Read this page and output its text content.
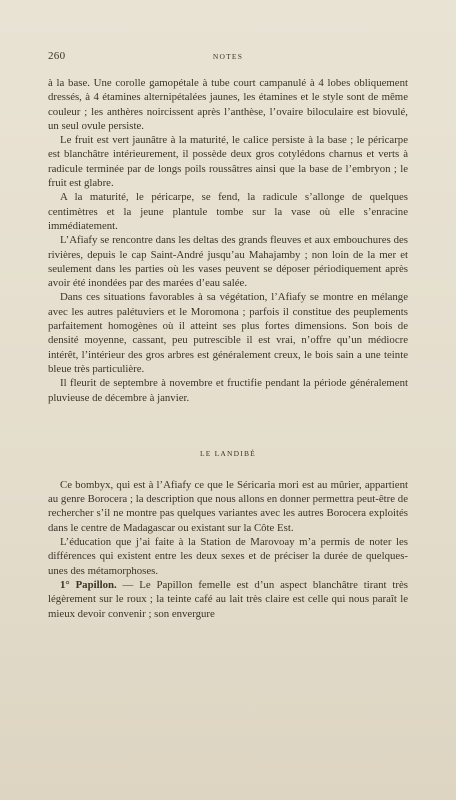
260	NOTES

à la base. Une corolle gamopétale à tube court campanulé à 4 lobes obliquement dressés, à 4 étamines alternipétalées jaunes, les étamines et le style sont de même couleur ; les anthères noircissent après l’anthèse, l’ovaire biloculaire est biovulé, un seul ovule persiste.

Le fruit est vert jaunâtre à la maturité, le calice persiste à la base ; le péricarpe est blanchâtre intérieurement, il possède deux gros cotylédons charnus et verts à radicule terminée par de longs poils roussâtres ainsi que la base de l’embryon ; le fruit est glabre.

A la maturité, le péricarpe, se fend, la radicule s’allonge de quelques centimètres et la jeune plantule tombe sur la vase où elle s’enracine immédiatement.

L’Afiafy se rencontre dans les deltas des grands fleuves et aux embouchures des rivières, depuis le cap Saint-André jusqu’au Mahajamby ; non loin de la mer et seulement dans les parties où les vases peuvent se déposer périodiquement après avoir été inondées par des marées d’eau salée.

Dans ces situations favorables à sa végétation, l’Afiafy se montre en mélange avec les autres palétuviers et le Moromona ; parfois il constitue des peuplements parfaitement homogènes où il atteint ses plus fortes dimensions. Son bois de densité moyenne, cassant, peu putrescible il est vrai, n’offre qu’un médiocre intérêt, l’intérieur des gros arbres est généralement creux, le bois sain a une teinte bleue très particulière.

Il fleurit de septembre à novembre et fructifie pendant la période généralement pluvieuse de décembre à janvier.

LE LANDIBÉ

Ce bombyx, qui est à l’Afiafy ce que le Séricaria mori est au mûrier, appartient au genre Borocera ; la description que nous allons en donner permettra peut-être de rechercher s’il ne montre pas quelques variantes avec les autres Borocera exploités dans le centre de Madagascar ou existant sur la Côte Est.

L’éducation que j’ai faite à la Station de Marovoay m’a permis de noter les différences qui existent entre les deux sexes et de préciser la durée de quelques-unes des métamorphoses.

1° Papillon. — Le Papillon femelle est d’un aspect blanchâtre tirant très légèrement sur le roux ; la teinte café au lait très claire est celle qui nous paraît le mieux devoir convenir ; son envergure
